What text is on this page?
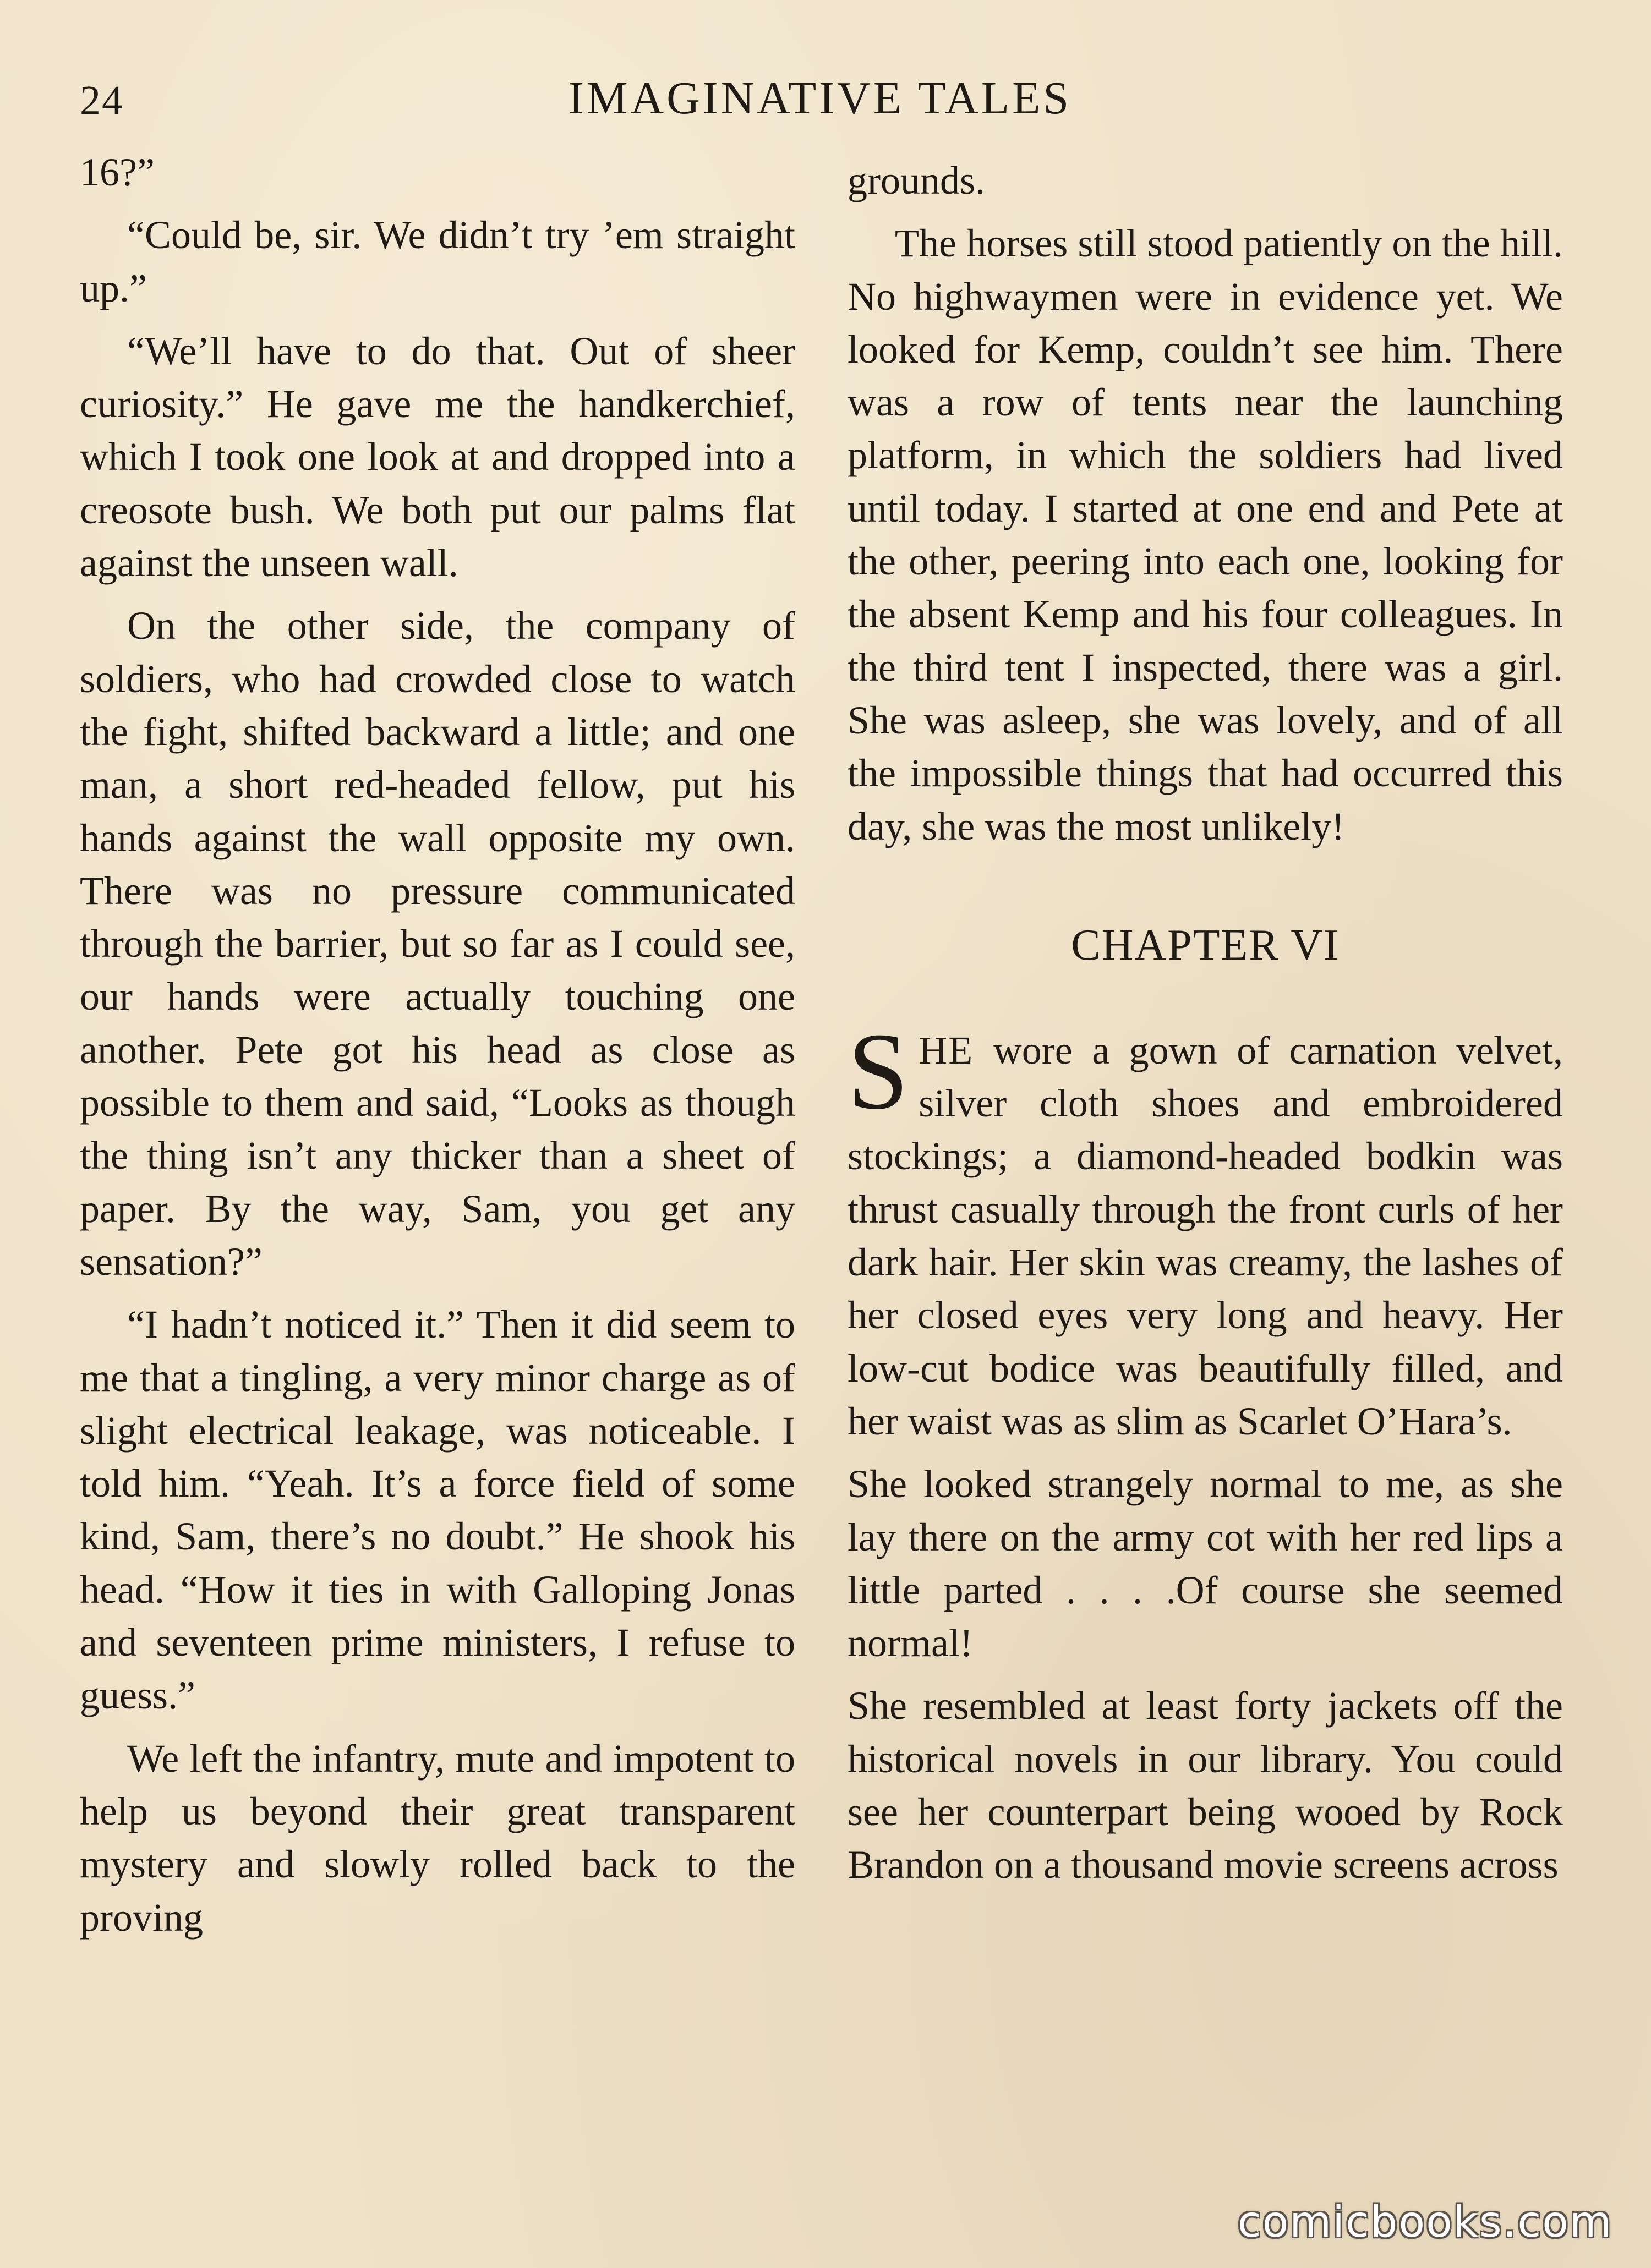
24	IMAGINATIVE TALES

16?”

“Could be, sir. We didn’t try ’em straight up.”

“We’ll have to do that. Out of sheer curiosity.” He gave me the handkerchief, which I took one look at and dropped into a creosote bush. We both put our palms flat against the unseen wall.

On the other side, the company of soldiers, who had crowded close to watch the fight, shifted backward a little; and one man, a short red-headed fellow, put his hands against the wall opposite my own. There was no pressure communicated through the barrier, but so far as I could see, our hands were actually touching one another. Pete got his head as close as possible to them and said, “Looks as though the thing isn’t any thicker than a sheet of paper. By the way, Sam, you get any sensation?”

“I hadn’t noticed it.” Then it did seem to me that a tingling, a very minor charge as of slight electrical leakage, was noticeable. I told him. “Yeah. It’s a force field of some kind, Sam, there’s no doubt.” He shook his head. “How it ties in with Galloping Jonas and seventeen prime ministers, I refuse to guess.”

We left the infantry, mute and impotent to help us beyond their great transparent mystery and slowly rolled back to the proving

grounds.

The horses still stood patiently on the hill. No highwaymen were in evidence yet. We looked for Kemp, couldn’t see him. There was a row of tents near the launching platform, in which the soldiers had lived until today. I started at one end and Pete at the other, peering into each one, looking for the absent Kemp and his four colleagues. In the third tent I inspected, there was a girl. She was asleep, she was lovely, and of all the impossible things that had occurred this day, she was the most unlikely!

CHAPTER VI

SHE wore a gown of carnation velvet, silver cloth shoes and embroidered stockings; a diamond-headed bodkin was thrust casually through the front curls of her dark hair. Her skin was creamy, the lashes of her closed eyes very long and heavy. Her low-cut bodice was beautifully filled, and her waist was as slim as Scarlet O’Hara’s.

She looked strangely normal to me, as she lay there on the army cot with her red lips a little parted . . . .Of course she seemed normal!

She resembled at least forty jackets off the historical novels in our library. You could see her counterpart being wooed by Rock Brandon on a thousand movie screens across

comicbooks.com
